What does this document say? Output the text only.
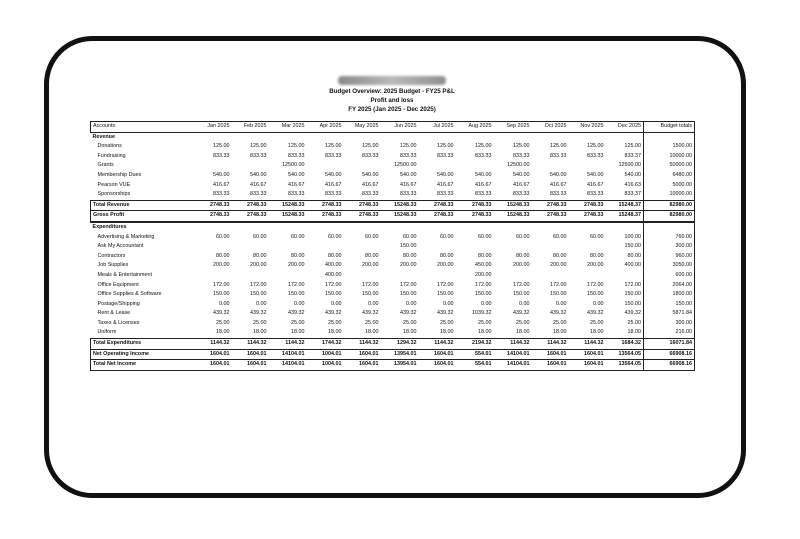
Budget Overview: 2025 Budget - FY25 P&L
Profit and loss
FY 2025 (Jan 2025 - Dec 2025)
Accounts	Jan 2025	Feb 2025	Mar 2025	Apr 2025	May 2025	Jun 2025	Jul 2025	Aug 2025	Sep 2025	Oct 2025	Nov 2025	Dec 2025	Budget totals
Revenue													
Donations	125.00	125.00	125.00	125.00	125.00	125.00	125.00	125.00	125.00	125.00	125.00	125.00	1500.00
Fundraising	833.33	833.33	833.33	833.33	833.33	833.33	833.33	833.33	833.33	833.33	833.33	833.37	10000.00
Grants			12500.00			12500.00			12500.00			12500.00	50000.00
Membership Dues	540.00	540.00	540.00	540.00	540.00	540.00	540.00	540.00	540.00	540.00	540.00	540.00	6480.00
Pearson VUE	416.67	416.67	416.67	416.67	416.67	416.67	416.67	416.67	416.67	416.67	416.67	416.63	5000.00
Sponsorships	833.33	833.33	833.33	833.33	833.33	833.33	833.33	833.33	833.33	833.33	833.33	833.37	10000.00
Total Revenue	2748.33	2748.33	15248.33	2748.33	2748.33	15248.33	2748.33	2748.33	15248.33	2748.33	2748.33	15248.37	82980.00
Gross Profit	2748.33	2748.33	15248.33	2748.33	2748.33	15248.33	2748.33	2748.33	15248.33	2748.33	2748.33	15248.37	82980.00
Expenditures													
Advertising & Marketing	60.00	60.00	60.00	60.00	60.00	60.00	60.00	60.00	60.00	60.00	60.00	100.00	760.00
Ask My Accountant						150.00						150.00	300.00
Contractors	80.00	80.00	80.00	80.00	80.00	80.00	80.00	80.00	80.00	80.00	80.00	80.00	960.00
Job Supplies	200.00	200.00	200.00	400.00	200.00	200.00	200.00	450.00	200.00	200.00	200.00	400.00	3050.00
Meals & Entertainment				400.00				200.00					600.00
Office Equipment	172.00	172.00	172.00	172.00	172.00	172.00	172.00	172.00	172.00	172.00	172.00	172.00	2064.00
Office Supplies & Software	150.00	150.00	150.00	150.00	150.00	150.00	150.00	150.00	150.00	150.00	150.00	150.00	1800.00
Postage/Shipping	0.00	0.00	0.00	0.00	0.00	0.00	0.00	0.00	0.00	0.00	0.00	150.00	150.00
Rent & Lease	439.32	439.32	439.32	439.32	439.32	439.32	439.32	1039.32	439.32	439.32	439.32	439.32	5871.84
Taxes & Licenses	25.00	25.00	25.00	25.00	25.00	25.00	25.00	25.00	25.00	25.00	25.00	25.00	300.00
Uniform	18.00	18.00	18.00	18.00	18.00	18.00	18.00	18.00	18.00	18.00	18.00	18.00	216.00
Total Expenditures	1144.32	1144.32	1144.32	1744.32	1144.32	1294.32	1144.32	2194.32	1144.32	1144.32	1144.32	1684.32	16071.84
Net Operating Income	1604.01	1604.01	14104.01	1004.01	1604.01	13954.01	1604.01	554.01	14104.01	1604.01	1604.01	13564.05	66908.16
Total Net Income	1604.01	1604.01	14104.01	1004.01	1604.01	13954.01	1604.01	554.01	14104.01	1604.01	1604.01	13564.05	66908.16
